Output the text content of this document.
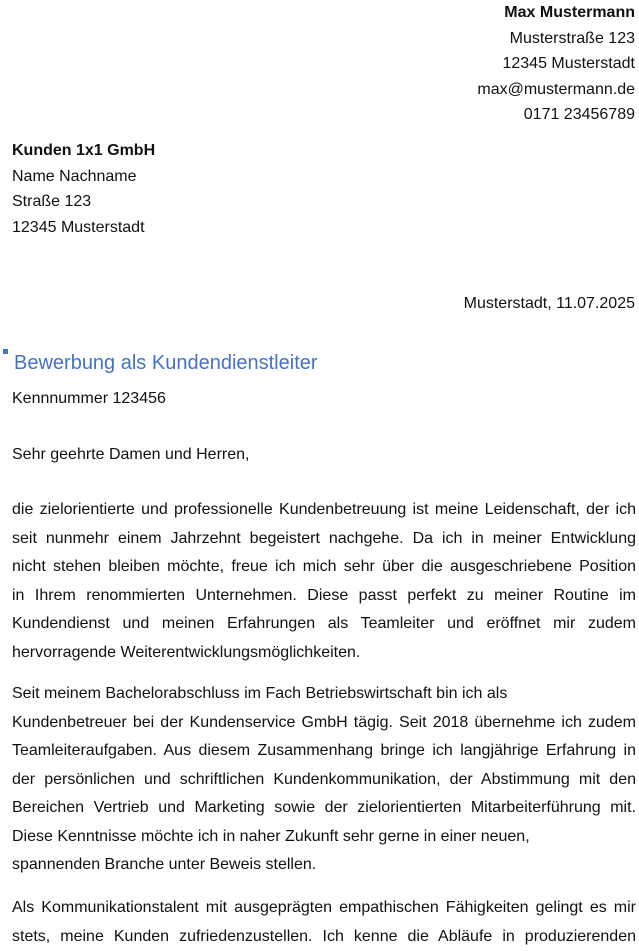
Max Mustermann
Musterstraße 123
12345 Musterstadt
max@mustermann.de
0171 23456789
Kunden 1x1 GmbH
Name Nachname
Straße 123
12345 Musterstadt
Musterstadt, 11.07.2025
Bewerbung als Kundendienstleiter
Kennnummer 123456
Sehr geehrte Damen und Herren,
die zielorientierte und professionelle Kundenbetreuung ist meine Leidenschaft, der ich
seit nunmehr einem Jahrzehnt begeistert nachgehe. Da ich in meiner Entwicklung
nicht stehen bleiben möchte, freue ich mich sehr über die ausgeschriebene Position
in Ihrem renommierten Unternehmen. Diese passt perfekt zu meiner Routine im
Kundendienst und meinen Erfahrungen als Teamleiter und eröffnet mir zudem
hervorragende Weiterentwicklungsmöglichkeiten.
Seit meinem Bachelorabschluss im Fach Betriebswirtschaft bin ich als
Kundenbetreuer bei der Kundenservice GmbH tägig. Seit 2018 übernehme ich zudem
Teamleiteraufgaben. Aus diesem Zusammenhang bringe ich langjährige Erfahrung in
der persönlichen und schriftlichen Kundenkommunikation, der Abstimmung mit den
Bereichen Vertrieb und Marketing sowie der zielorientierten Mitarbeiterführung mit.
Diese Kenntnisse möchte ich in naher Zukunft sehr gerne in einer neuen,
spannenden Branche unter Beweis stellen.
Als Kommunikationstalent mit ausgeprägten empathischen Fähigkeiten gelingt es mir
stets, meine Kunden zufriedenzustellen. Ich kenne die Abläufe in produzierenden
